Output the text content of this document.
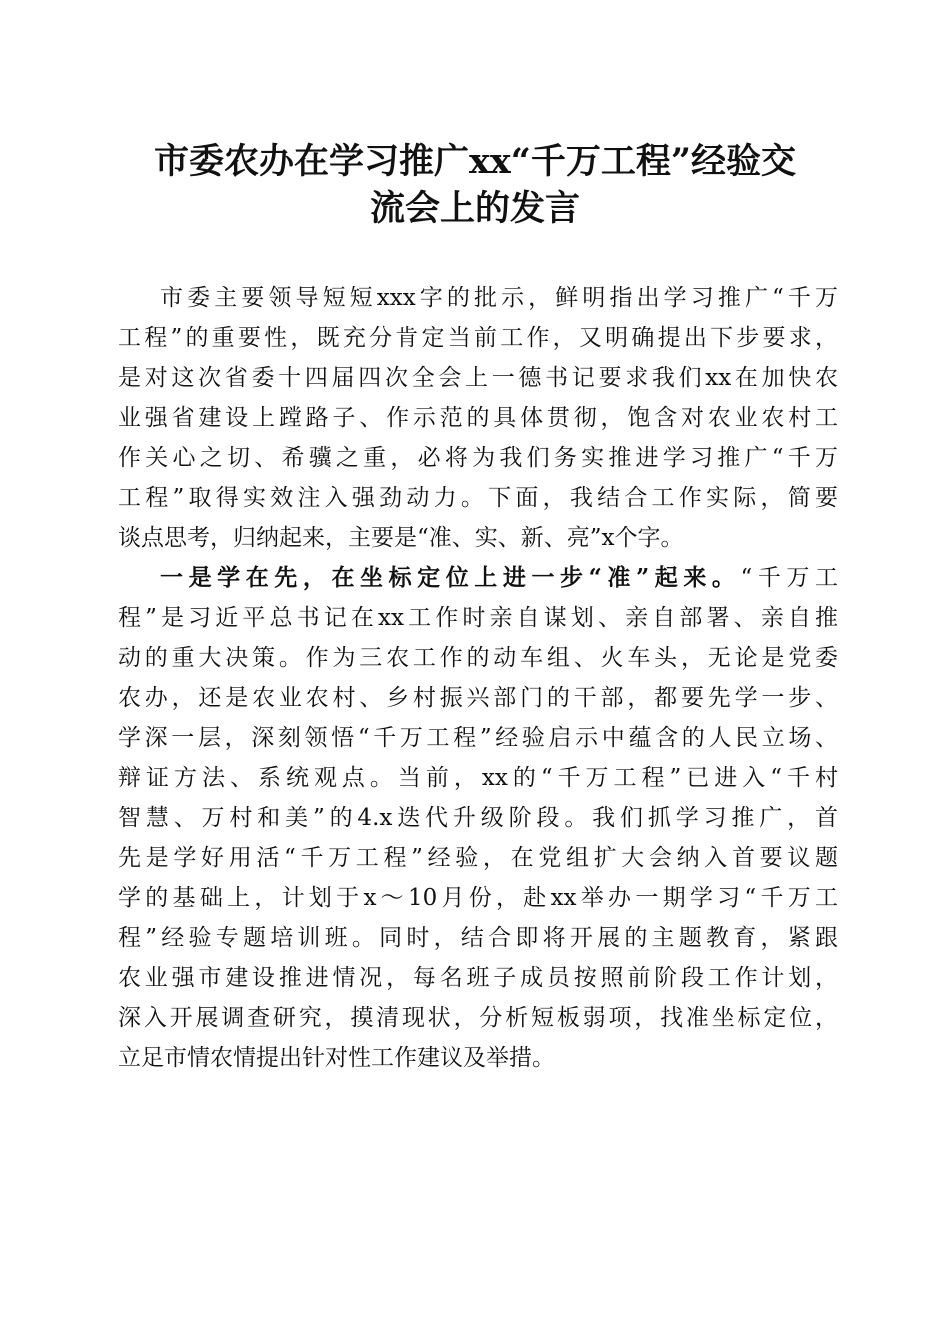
市委农办在学习推广xx“千万工程”经验交
流会上的发言
市委主要领导短短xxx字的批示，鲜明指出学习推广“千万
工程”的重要性，既充分肯定当前工作，又明确提出下步要求，
是对这次省委十四届四次全会上一德书记要求我们xx在加快农
业强省建设上蹚路子、作示范的具体贯彻，饱含对农业农村工
作关心之切、希骥之重，必将为我们务实推进学习推广“千万
工程”取得实效注入强劲动力。下面，我结合工作实际，简要
谈点思考，归纳起来，主要是“准、实、新、亮”x个字。
一是学在先，在坐标定位上进一步“准”起来。“千万工
程”是习近平总书记在xx工作时亲自谋划、亲自部署、亲自推
动的重大决策。作为三农工作的动车组、火车头，无论是党委
农办，还是农业农村、乡村振兴部门的干部，都要先学一步、
学深一层，深刻领悟“千万工程”经验启示中蕴含的人民立场、
辩证方法、系统观点。当前，xx的“千万工程”已进入“千村
智慧、万村和美”的4.x迭代升级阶段。我们抓学习推广，首
先是学好用活“千万工程”经验，在党组扩大会纳入首要议题
学的基础上，计划于x～10月份，赴xx举办一期学习“千万工
程”经验专题培训班。同时，结合即将开展的主题教育，紧跟
农业强市建设推进情况，每名班子成员按照前阶段工作计划，
深入开展调查研究，摸清现状，分析短板弱项，找准坐标定位，
立足市情农情提出针对性工作建议及举措。
